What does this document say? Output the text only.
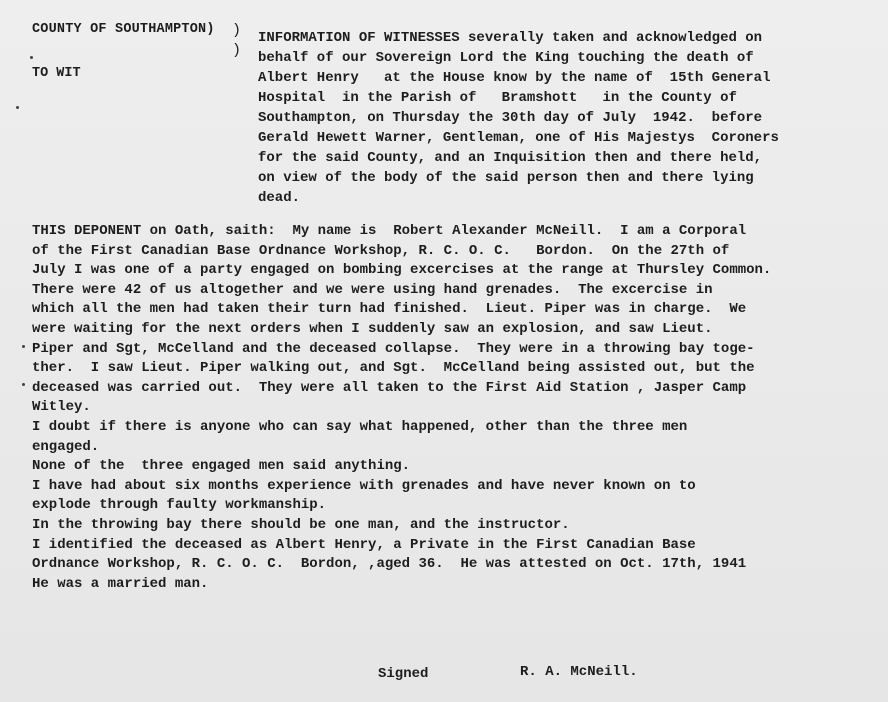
COUNTY OF SOUTHAMPTON) )
)
TO WIT
INFORMATION OF WITNESSES severally taken and acknowledged on
behalf of our Sovereign Lord the King touching the death of
Albert Henry   at the House know by the name of  15th General
Hospital  in the Parish of   Bramshott   in the County of
Southampton, on Thursday the 30th day of July  1942.  before
Gerald Hewett Warner, Gentleman, one of His Majestys  Coroners
for the said County, and an Inquisition then and there held,
on view of the body of the said person then and there lying
dead.
THIS DEPONENT on Oath, saith:  My name is  Robert Alexander McNeill.  I am a Corporal
of the First Canadian Base Ordnance Workshop, R. C. O. C.   Bordon.  On the 27th of
July I was one of a party engaged on bombing excercises at the range at Thursley Common.
There were 42 of us altogether and we were using hand grenades.  The excercise in
which all the men had taken their turn had finished.  Lieut. Piper was in charge.  We
were waiting for the next orders when I suddenly saw an explosion, and saw Lieut.
Piper and Sgt, McCelland and the deceased collapse.  They were in a throwing bay toge-
ther.  I saw Lieut. Piper walking out, and Sgt.  McCelland being assisted out, but the
deceased was carried out.  They were all taken to the First Aid Station , Jasper Camp
Witley.
I doubt if there is anyone who can say what happened, other than the three men
engaged.
None of the  three engaged men said anything.
I have had about six months experience with grenades and have never known on to
explode through faulty workmanship.
In the throwing bay there should be one man, and the instructor.
I identified the deceased as Albert Henry, a Private in the First Canadian Base
Ordnance Workshop, R. C. O. C.  Bordon, ,aged 36.  He was attested on Oct. 17th, 1941
He was a married man.
Signed	R. A. McNeill.
